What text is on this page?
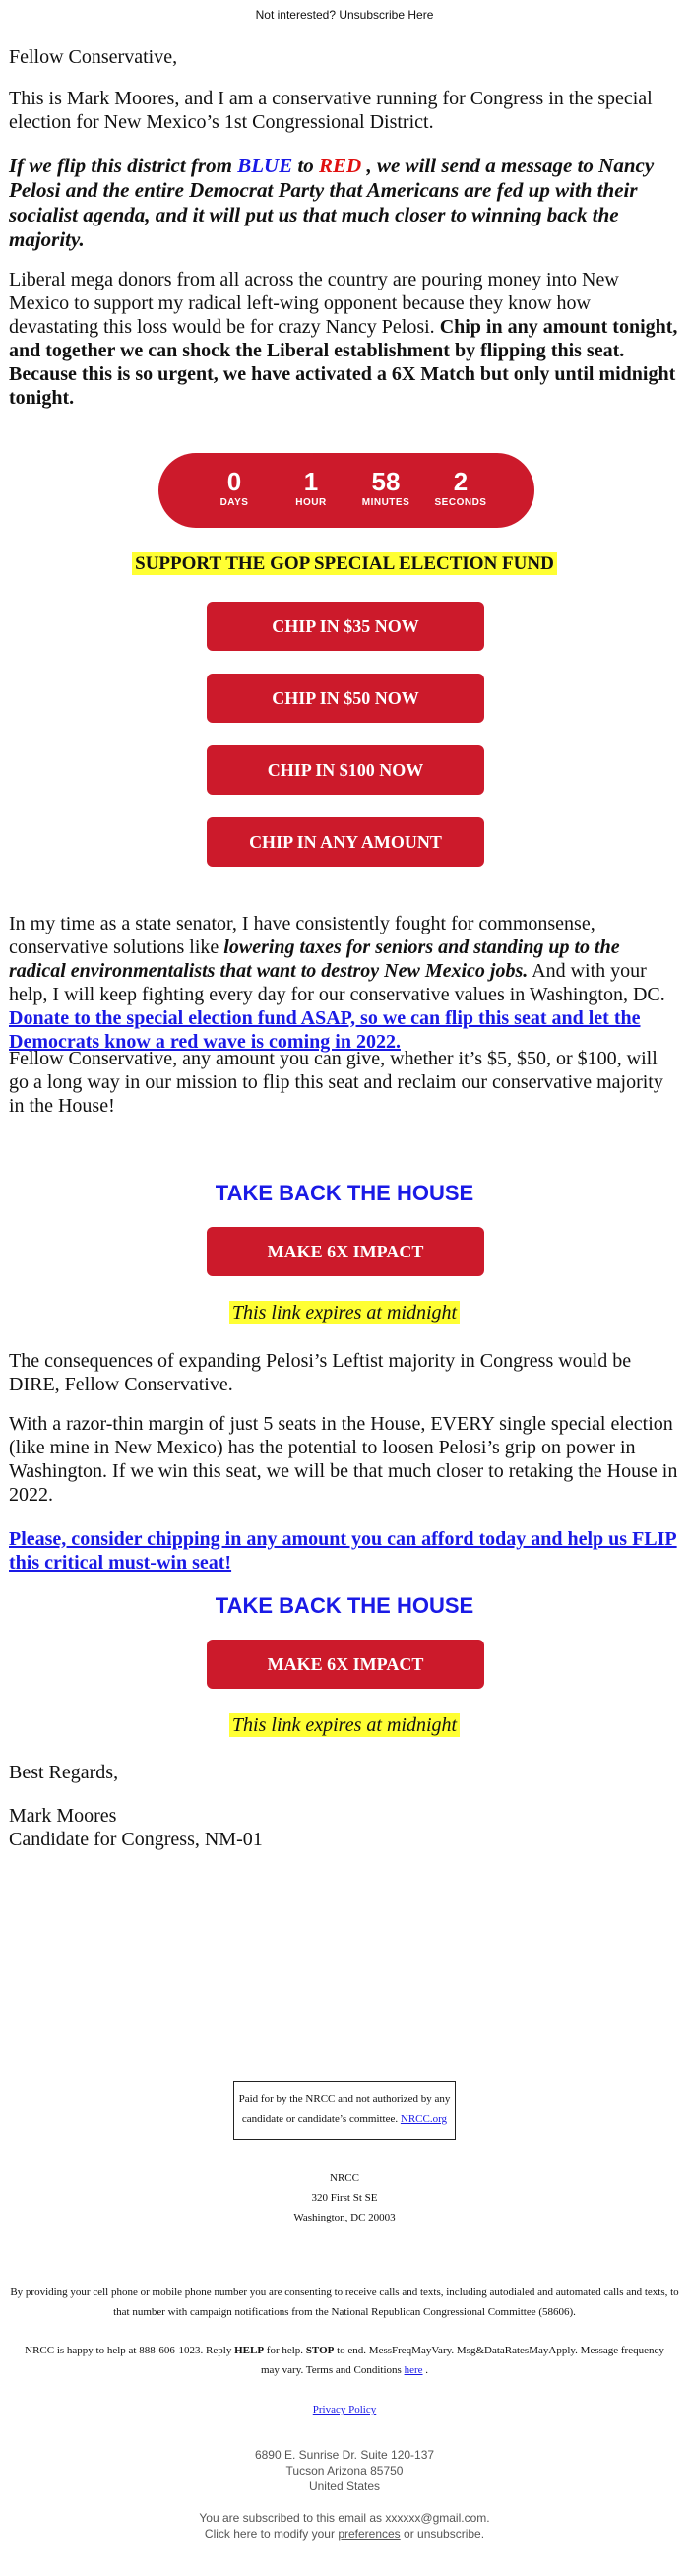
Not interested? Unsubscribe Here

Fellow Conservative,

This is Mark Moores, and I am a conservative running for Congress in the special election for New Mexico’s 1st Congressional District.

If we flip this district from BLUE to RED , we will send a message to Nancy Pelosi and the entire Democrat Party that Americans are fed up with their socialist agenda, and it will put us that much closer to winning back the majority.

Liberal mega donors from all across the country are pouring money into New Mexico to support my radical left-wing opponent because they know how devastating this loss would be for crazy Nancy Pelosi. Chip in any amount tonight, and together we can shock the Liberal establishment by flipping this seat. Because this is so urgent, we have activated a 6X Match but only until midnight tonight.

0
DAYS
1
HOUR
58
MINUTES
2
SECONDS
SUPPORT THE GOP SPECIAL ELECTION FUND
CHIP IN $35 NOW
CHIP IN $50 NOW
CHIP IN $100 NOW
CHIP IN ANY AMOUNT

In my time as a state senator, I have consistently fought for commonsense, conservative solutions like lowering taxes for seniors and standing up to the radical environmentalists that want to destroy New Mexico jobs. And with your help, I will keep fighting every day for our conservative values in Washington, DC. Donate to the special election fund ASAP, so we can flip this seat and let the Democrats know a red wave is coming in 2022.

Fellow Conservative, any amount you can give, whether it’s $5, $50, or $100, will go a long way in our mission to flip this seat and reclaim our conservative majority in the House!

TAKE BACK THE HOUSE
MAKE 6X IMPACT
This link expires at midnight

The consequences of expanding Pelosi’s Leftist majority in Congress would be DIRE, Fellow Conservative.

With a razor-thin margin of just 5 seats in the House, EVERY single special election (like mine in New Mexico) has the potential to loosen Pelosi’s grip on power in Washington. If we win this seat, we will be that much closer to retaking the House in 2022.

Please, consider chipping in any amount you can afford today and help us FLIP this critical must-win seat!

TAKE BACK THE HOUSE
MAKE 6X IMPACT
This link expires at midnight

Best Regards,

Mark Moores

Candidate for Congress, NM-01

Paid for by the NRCC and not authorized by any candidate or candidate’s committee. NRCC.org
NRCC
320 First St SE
Washington, DC 20003
By providing your cell phone or mobile phone number you are consenting to receive calls and texts, including autodialed and automated calls and texts, to that number with campaign notifications from the National Republican Congressional Committee (58606).
NRCC is happy to help at 888-606-1023. Reply HELP for help. STOP to end. MessFreqMayVary. Msg&DataRatesMayApply. Message frequency may vary. Terms and Conditions here .
Privacy Policy
6890 E. Sunrise Dr. Suite 120-137
Tucson Arizona 85750
United States
You are subscribed to this email as xxxxxx@gmail.com.
Click here to modify your preferences or unsubscribe.
